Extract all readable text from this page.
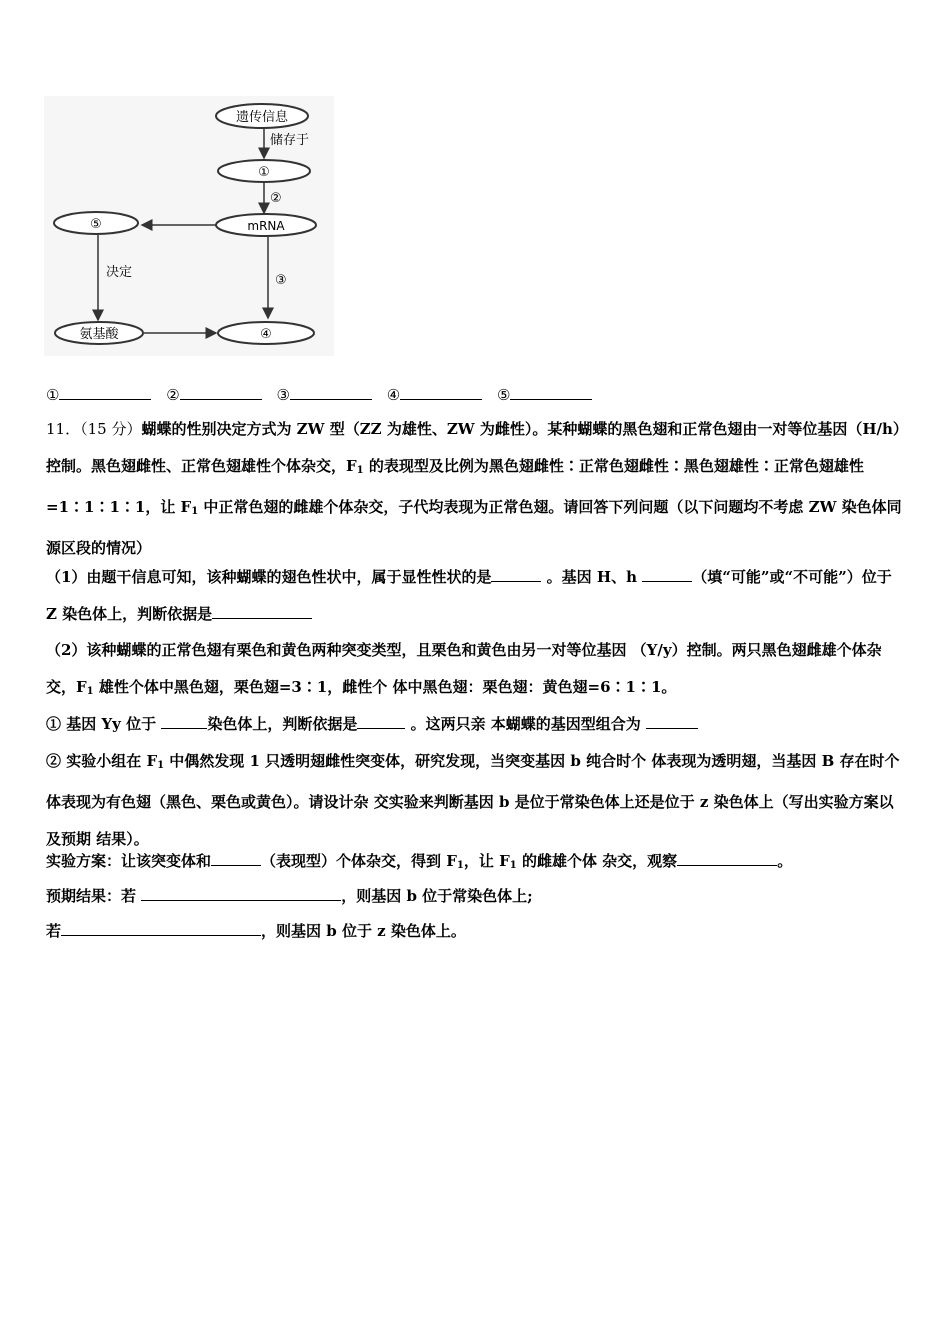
遗传信息
储存于
①
②
mRNA
⑤
决定
③
氨基酸	④
①	②	③	④	⑤
11．（15 分）蝴蝶的性别决定方式为 ZW 型（ZZ 为雄性、ZW 为雌性）。某种蝴蝶的黑色翅和正常色翅由一对等位基因（H/h）控制。黑色翅雌性、正常色翅雄性个体杂交，$F_1$ 的表现型及比例为黑色翅雌性∶正常色翅雌性∶黑色翅雄性∶正常色翅雄性=1∶1∶1∶1，让 $F_1$ 中正常色翅的雌雄个体杂交，子代均表现为正常色翅。请回答下列问题（以下问题均不考虑 ZW 染色体同源区段的情况）
（1）由题干信息可知，该种蝴蝶的翅色性状中，属于显性性状的是	。基因 H、h	（填“可能”或“不可能”）位于 Z 染色体上，判断依据是
（2）该种蝴蝶的正常色翅有栗色和黄色两种突变类型，且栗色和黄色由另一对等位基因 （Y/y）控制。两只黑色翅雌雄个体杂交，$F_1$ 雄性个体中黑色翅，栗色翅=3∶1，雌性个 体中黑色翅：栗色翅：黄色翅=6∶1∶1。
① 基因 Yy 位于	染色体上，判断依据是	。这两只亲 本蝴蝶的基因型组合为
② 实验小组在 $F_1$ 中偶然发现 1 只透明翅雌性突变体，研究发现，当突变基因 b 纯合时个 体表现为透明翅，当基因 B 存在时个体表现为有色翅（黑色、栗色或黄色）。请设计杂 交实验来判断基因 b 是位于常染色体上还是位于 z 染色体上（写出实验方案以及预期 结果）。
实验方案：让该突变体和	（表现型）个体杂交，得到 $F_1$，让 $F_1$ 的雌雄个体 杂交，观察	。
预期结果：若	，则基因 b 位于常染色体上;
若	，则基因 b 位于 z 染色体上。
